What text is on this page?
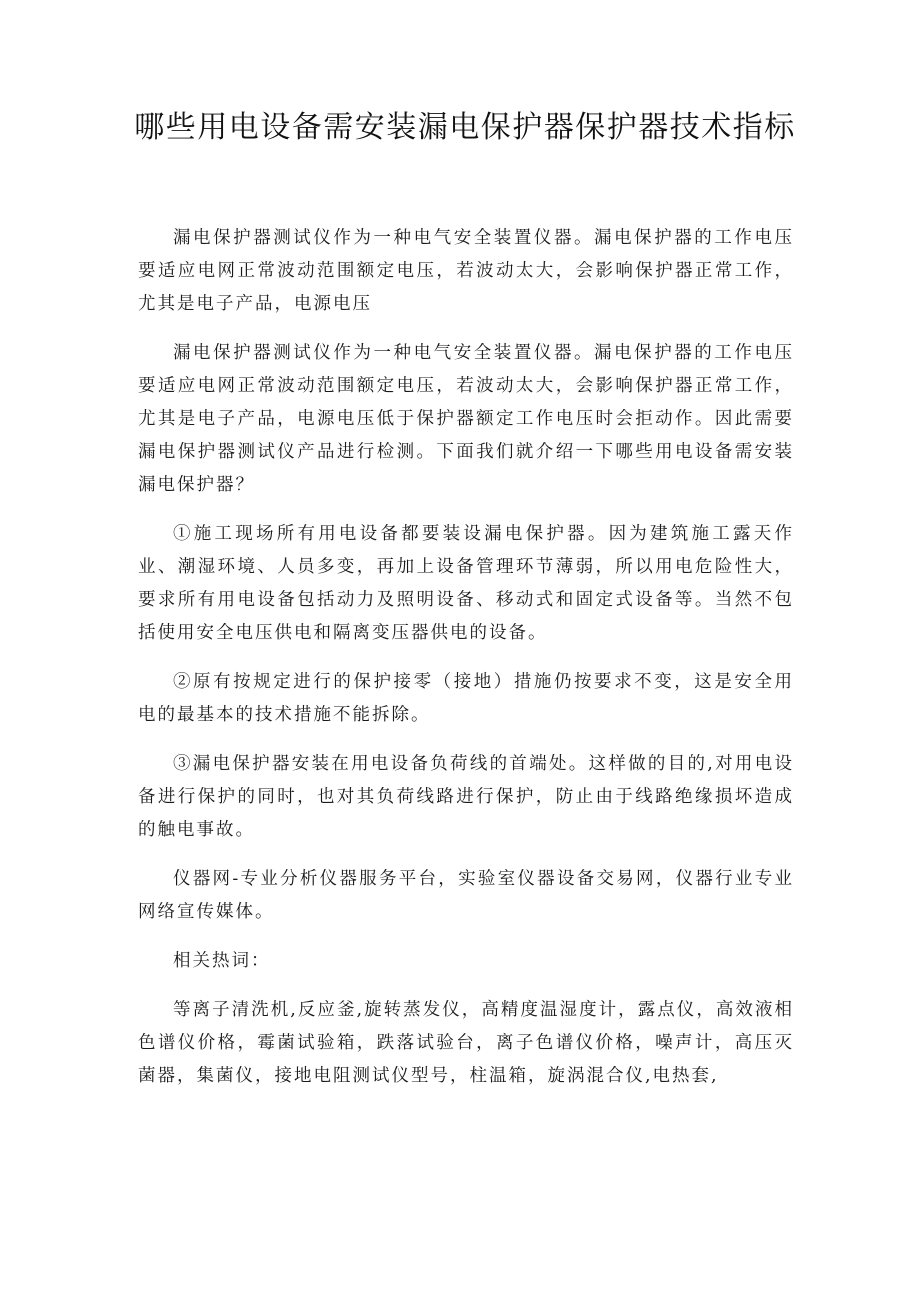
哪些用电设备需安装漏电保护器保护器技术指标

漏电保护器测试仪作为一种电气安全装置仪器。漏电保护器的工作电压要适应电网正常波动范围额定电压，若波动太大，会影响保护器正常工作，尤其是电子产品，电源电压

漏电保护器测试仪作为一种电气安全装置仪器。漏电保护器的工作电压要适应电网正常波动范围额定电压，若波动太大，会影响保护器正常工作，尤其是电子产品，电源电压低于保护器额定工作电压时会拒动作。因此需要漏电保护器测试仪产品进行检测。下面我们就介绍一下哪些用电设备需安装漏电保护器？

①施工现场所有用电设备都要装设漏电保护器。因为建筑施工露天作业、潮湿环境、人员多变，再加上设备管理环节薄弱，所以用电危险性大，要求所有用电设备包括动力及照明设备、移动式和固定式设备等。当然不包括使用安全电压供电和隔离变压器供电的设备。

②原有按规定进行的保护接零（接地）措施仍按要求不变，这是安全用电的最基本的技术措施不能拆除。

③漏电保护器安装在用电设备负荷线的首端处。这样做的目的,对用电设备进行保护的同时，也对其负荷线路进行保护，防止由于线路绝缘损坏造成的触电事故。

仪器网-专业分析仪器服务平台，实验室仪器设备交易网，仪器行业专业网络宣传媒体。

相关热词：

等离子清洗机,反应釜,旋转蒸发仪，高精度温湿度计，露点仪，高效液相色谱仪价格，霉菌试验箱，跌落试验台，离子色谱仪价格，噪声计，高压灭菌器，集菌仪，接地电阻测试仪型号，柱温箱，旋涡混合仪,电热套,
